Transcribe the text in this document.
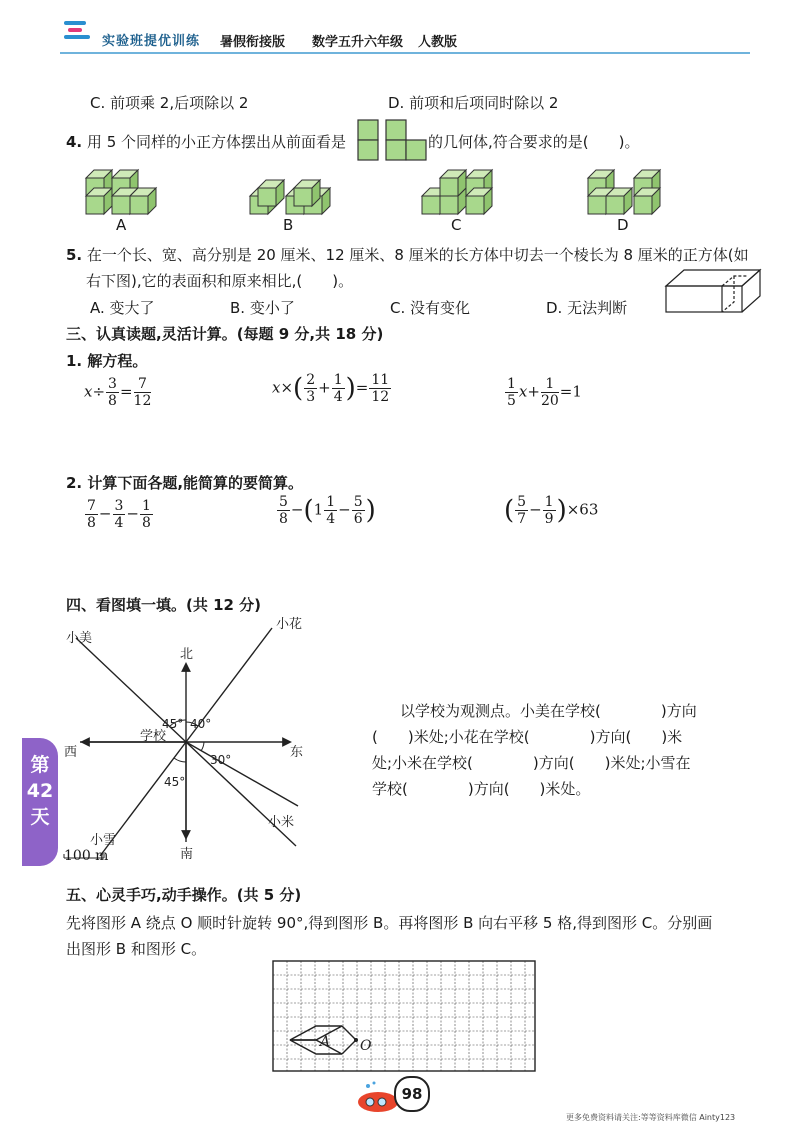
实验班提优训练 暑假衔接版 数学五升六年级 人教版
C. 前项乘 2,后项除以 2	D. 前项和后项同时除以 2
4. 用 5 个同样的小正方体摆出从前面看是	的几何体,符合要求的是(　　)。
A	B	C	D
5. 在一个长、宽、高分别是 20 厘米、12 厘米、8 厘米的长方体中切去一个棱长为 8 厘米的正方体(如
右下图),它的表面积和原来相比,(　　)。
A. 变大了	B. 变小了	C. 没有变化	D. 无法判断
三、认真读题,灵活计算。(每题 9 分,共 18 分)
1. 解方程。
$x\div \frac{3}{8} = \frac{7}{12}$	$x\times( \frac{2}{3} + \frac{1}{4}$ )= $\frac{11}{12}$	$\frac{1}{5} x+ \frac{1}{20} =1$
2. 计算下面各题,能简算的要简算。
$\frac{7}{8} - \frac{3}{4} - \frac{1}{8}$	$\frac{5}{8} -(1 \frac{1}{4} - \frac{5}{6}$ )	( $\frac{5}{7} - \frac{1}{9} )\times 63$
四、看图填一填。(共 12 分)
小美
小花
小雪
小米
北
南
东
西
学校
45° 40°
30°
45°
100 m
以学校为观测点。小美在学校(　　　　)方向
(　　)米处;小花在学校(　　　　)方向(　　)米
处;小米在学校(　　　　)方向(　　)米处;小雪在
学校(　　　　)方向(　　)米处。
第
42
天
五、心灵手巧,动手操作。(共 5 分)
先将图形 A 绕点 O 顺时针旋转 90°,得到图形 B。再将图形 B 向右平移 5 格,得到图形 C。分别画
出图形 B 和图形 C。
A O
98
更多免费资料请关注:等等资料库微信 Ainty123
